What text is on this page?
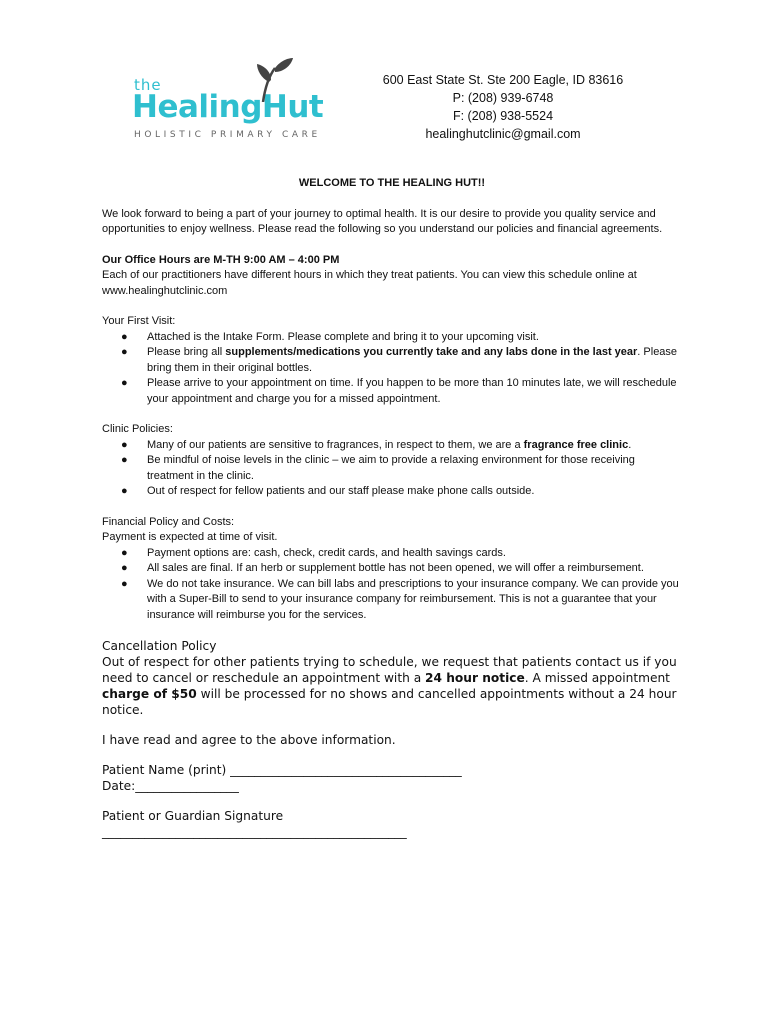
the
HealingHut
HOLISTIC PRIMARY CARE
600 East State St. Ste 200 Eagle, ID 83616
P: (208) 939-6748
F: (208) 938-5524
healinghutclinic@gmail.com

WELCOME TO THE HEALING HUT!!

We look forward to being a part of your journey to optimal health. It is our desire to provide you quality service and opportunities to enjoy wellness. Please read the following so you understand our policies and financial agreements.

Our Office Hours are M-TH 9:00 AM – 4:00 PM

Each of our practitioners have different hours in which they treat patients. You can view this schedule online at www.healinghutclinic.com

Your First Visit:

● Attached is the Intake Form. Please complete and bring it to your upcoming visit.
● Please bring all supplements/medications you currently take and any labs done in the last year. Please bring them in their original bottles.
● Please arrive to your appointment on time. If you happen to be more than 10 minutes late, we will reschedule your appointment and charge you for a missed appointment.

Clinic Policies:

● Many of our patients are sensitive to fragrances, in respect to them, we are a fragrance free clinic.
● Be mindful of noise levels in the clinic – we aim to provide a relaxing environment for those receiving treatment in the clinic.
● Out of respect for fellow patients and our staff please make phone calls outside.

Financial Policy and Costs:

Payment is expected at time of visit.

● Payment options are: cash, check, credit cards, and health savings cards.
● All sales are final. If an herb or supplement bottle has not been opened, we will offer a reimbursement.
● We do not take insurance. We can bill labs and prescriptions to your insurance company. We can provide you with a Super-Bill to send to your insurance company for reimbursement. This is not a guarantee that your insurance will reimburse you for the services.

Cancellation Policy

Out of respect for other patients trying to schedule, we request that patients contact us if you need to cancel or reschedule an appointment with a 24 hour notice. A missed appointment charge of $50 will be processed for no shows and cancelled appointments without a 24 hour notice.

I have read and agree to the above information.

Patient Name (print) ______________________________________

Date:_________________

Patient or Guardian Signature

__________________________________________________
